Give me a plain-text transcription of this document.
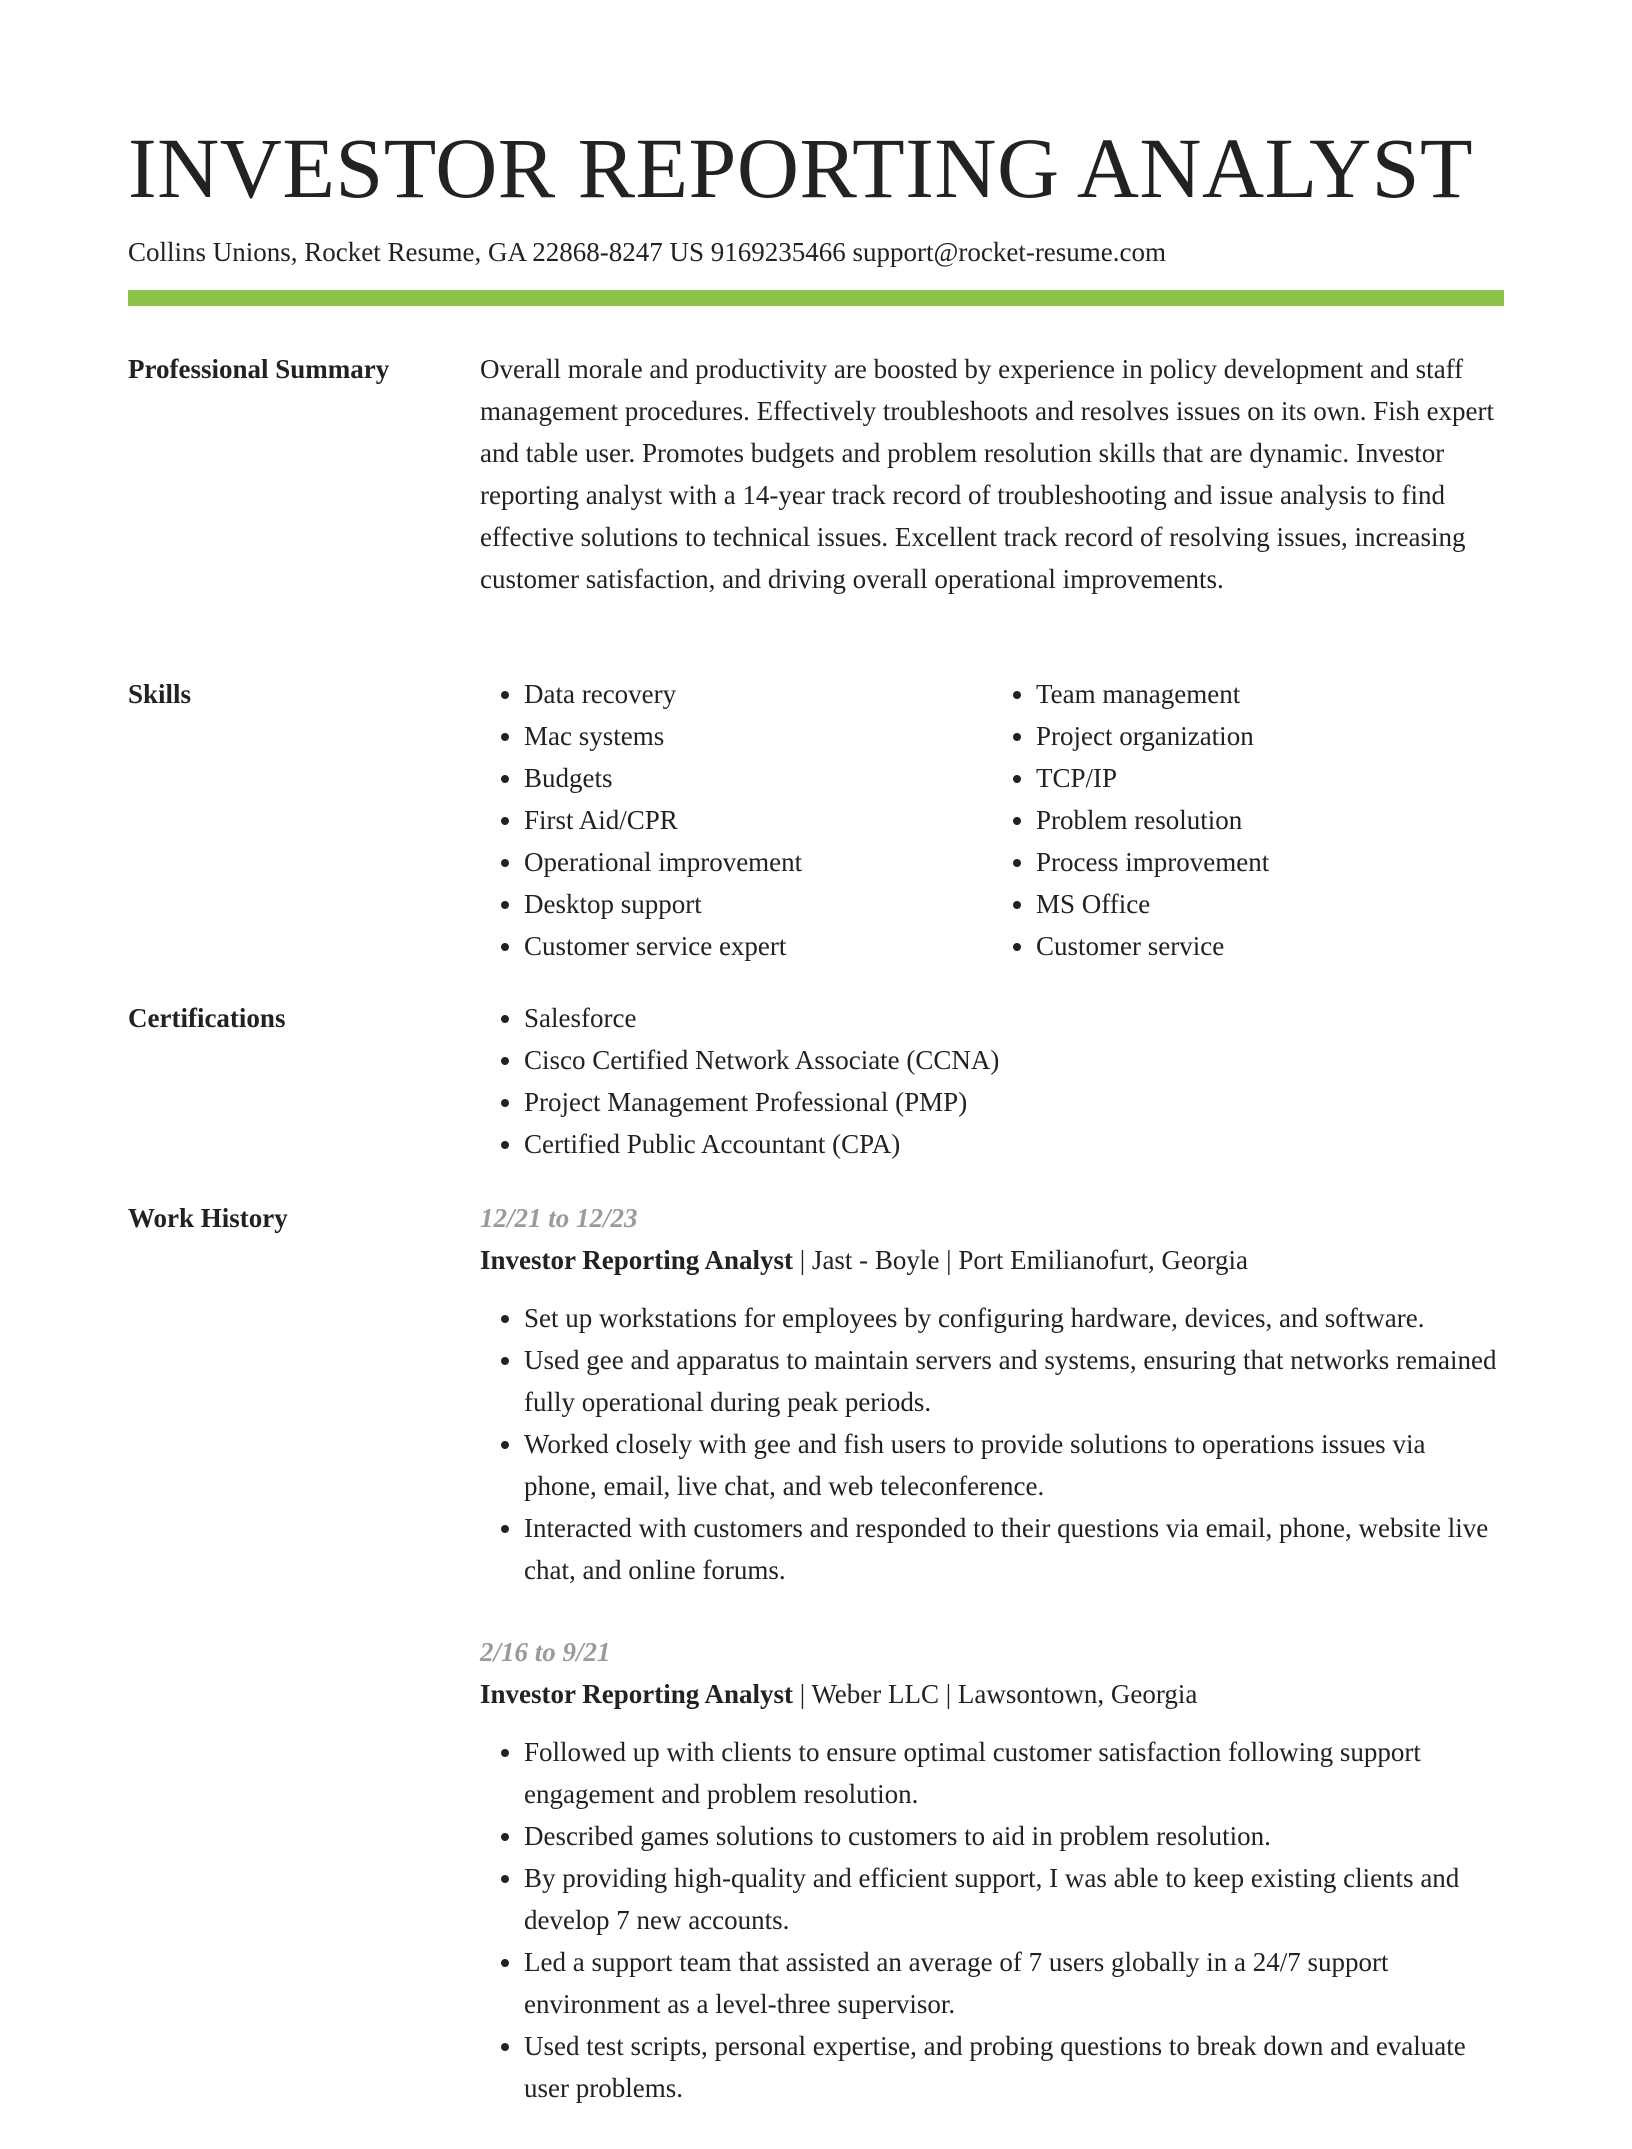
INVESTOR REPORTING ANALYST
Collins Unions, Rocket Resume, GA 22868-8247 US 9169235466 support@rocket-resume.com
Professional Summary	Overall morale and productivity are boosted by experience in policy development and staff management procedures. Effectively troubleshoots and resolves issues on its own. Fish expert and table user. Promotes budgets and problem resolution skills that are dynamic. Investor reporting analyst with a 14-year track record of troubleshooting and issue analysis to find effective solutions to technical issues. Excellent track record of resolving issues, increasing customer satisfaction, and driving overall operational improvements.

Skills	• Data recovery
• Mac systems
• Budgets
• First Aid/CPR
• Operational improvement
• Desktop support
• Customer service expert
• Team management
• Project organization
• TCP/IP
• Problem resolution
• Process improvement
• MS Office
• Customer service
Certifications	• Salesforce
• Cisco Certified Network Associate (CCNA)
• Project Management Professional (PMP)
• Certified Public Accountant (CPA)
Work History	12/21 to 12/23
Investor Reporting Analyst | Jast - Boyle | Port Emilianofurt, Georgia
• Set up workstations for employees by configuring hardware, devices, and software.
• Used gee and apparatus to maintain servers and systems, ensuring that networks remained fully operational during peak periods.
• Worked closely with gee and fish users to provide solutions to operations issues via phone, email, live chat, and web teleconference.
• Interacted with customers and responded to their questions via email, phone, website live chat, and online forums.
2/16 to 9/21
Investor Reporting Analyst | Weber LLC | Lawsontown, Georgia
• Followed up with clients to ensure optimal customer satisfaction following support engagement and problem resolution.
• Described games solutions to customers to aid in problem resolution.
• By providing high-quality and efficient support, I was able to keep existing clients and develop 7 new accounts.
• Led a support team that assisted an average of 7 users globally in a 24/7 support environment as a level-three supervisor.
• Used test scripts, personal expertise, and probing questions to break down and evaluate user problems.
